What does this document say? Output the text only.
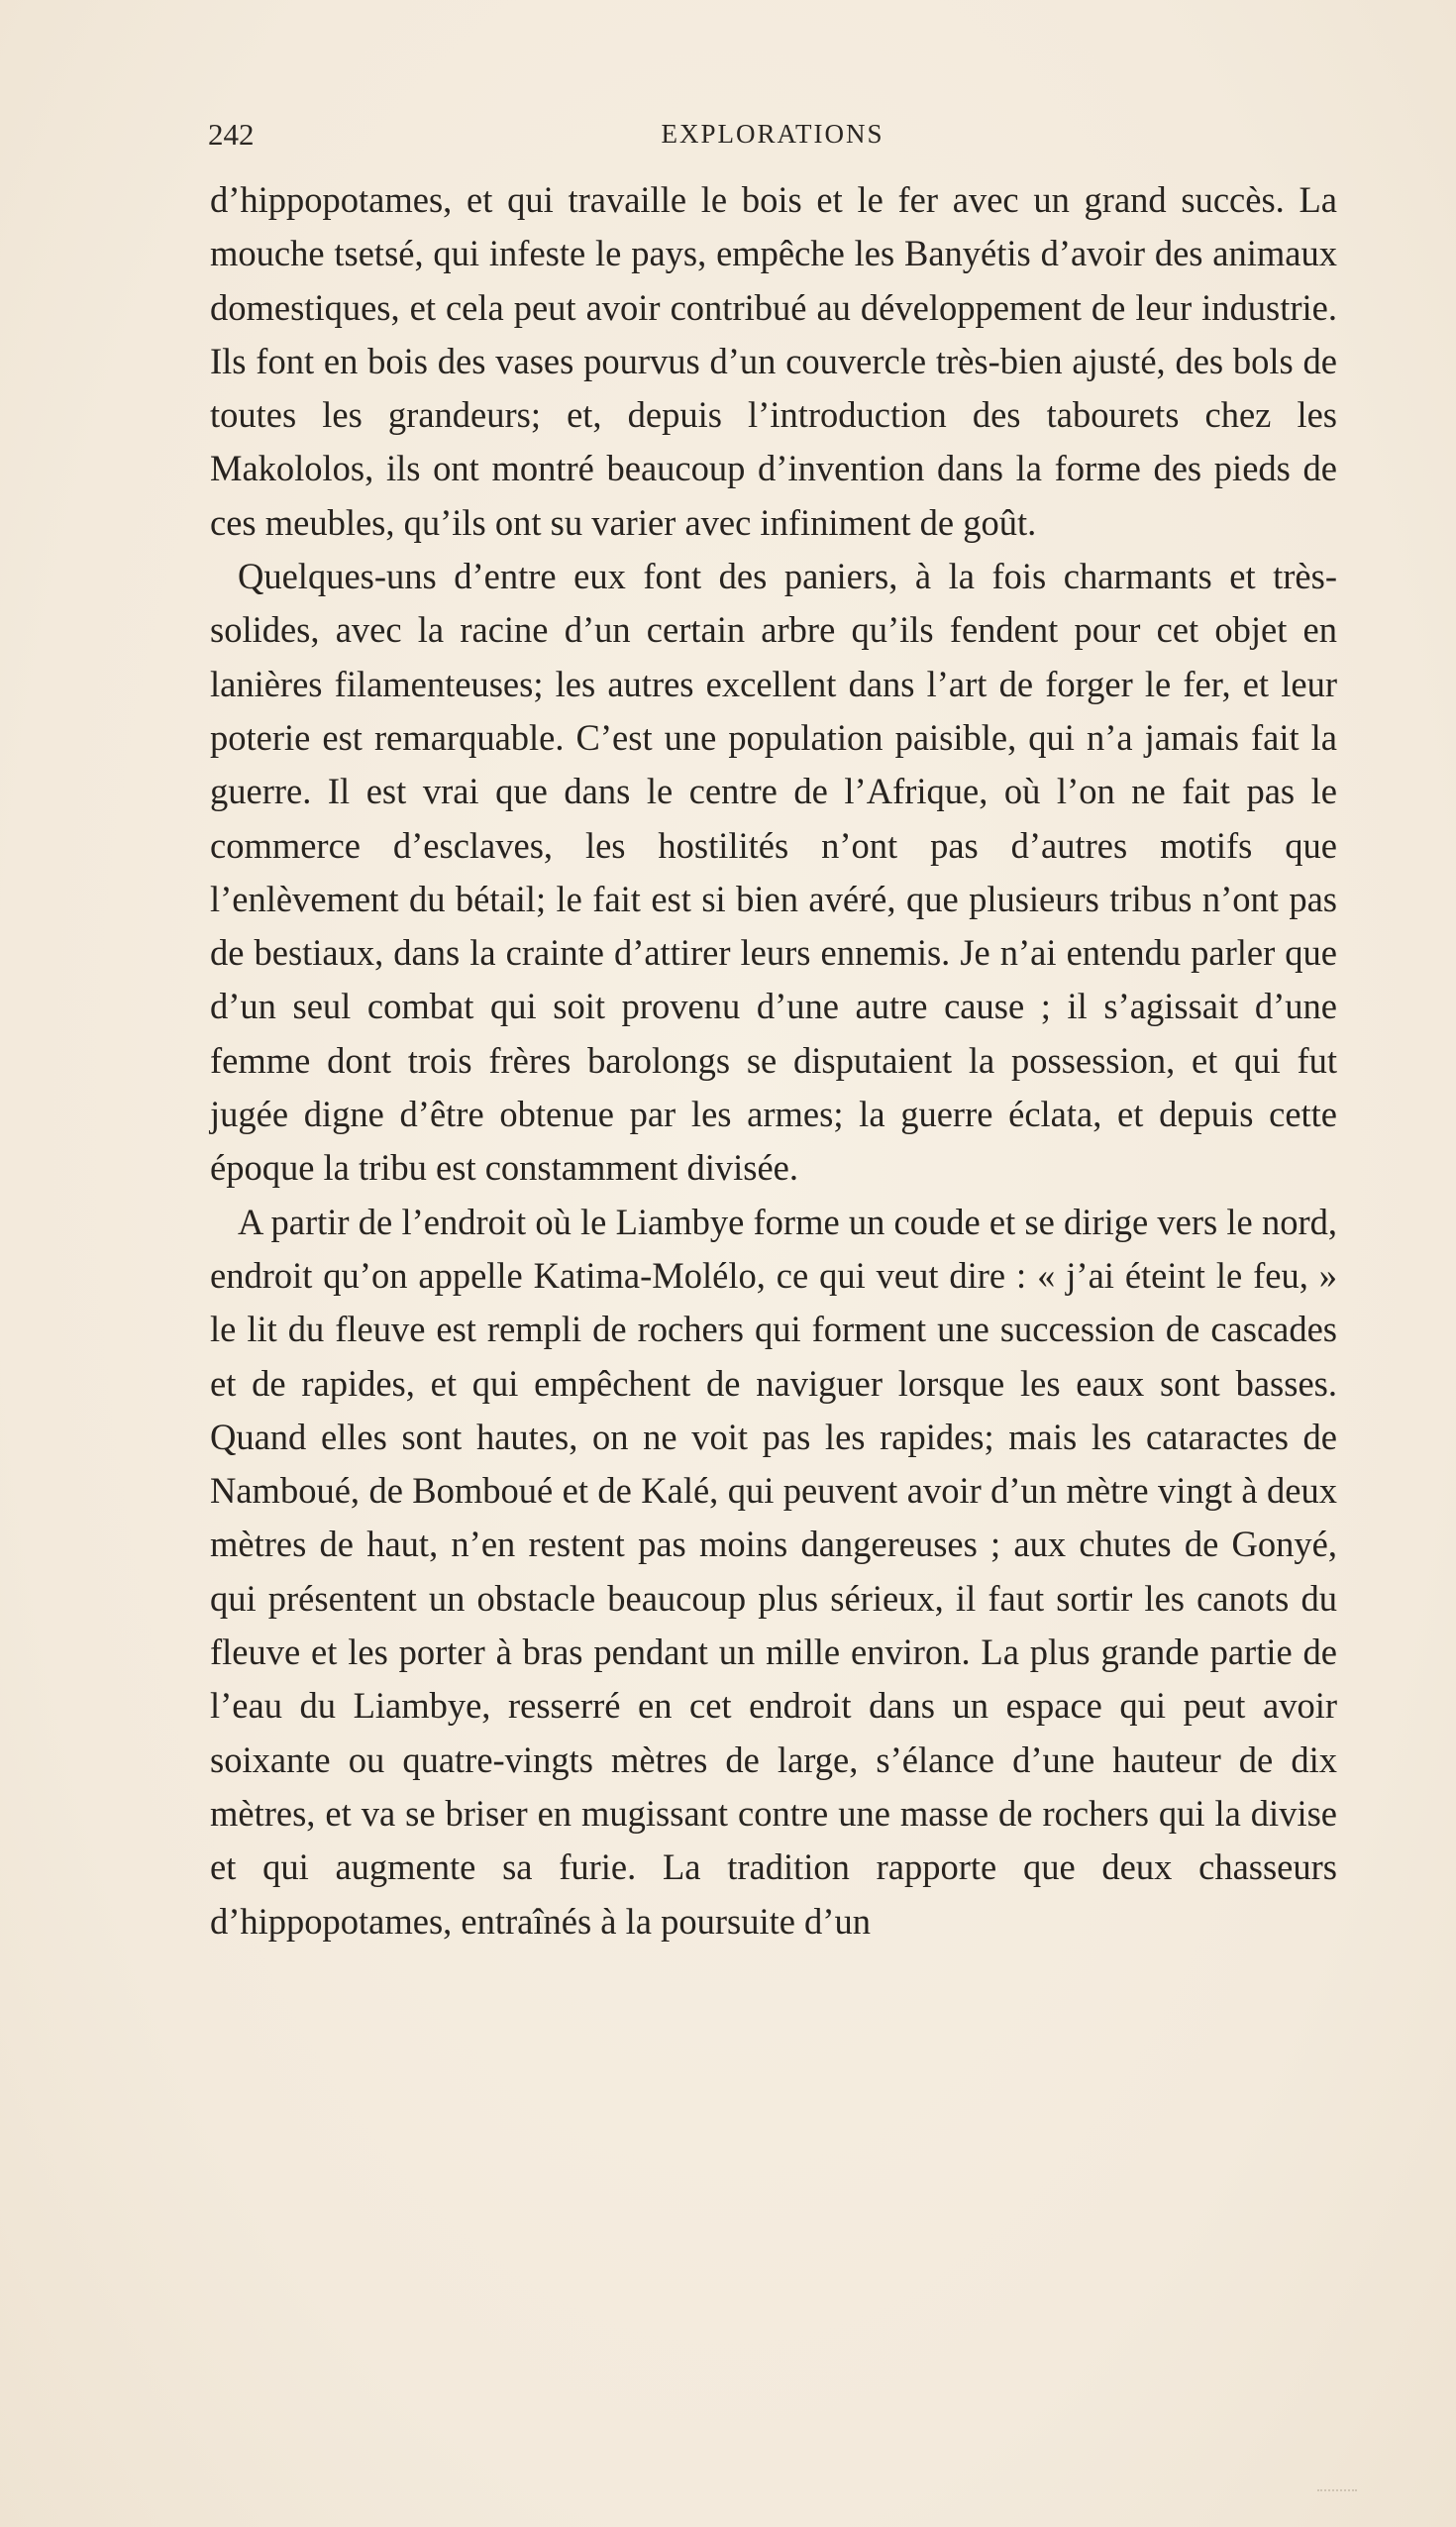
242	EXPLORATIONS

d’hippopotames, et qui travaille le bois et le fer avec un grand succès. La mouche tsetsé, qui infeste le pays, empêche les Banyétis d’avoir des animaux domestiques, et cela peut avoir contribué au développement de leur industrie. Ils font en bois des vases pourvus d’un couvercle très-bien ajusté, des bols de toutes les grandeurs; et, depuis l’introduction des tabourets chez les Makololos, ils ont montré beaucoup d’invention dans la forme des pieds de ces meubles, qu’ils ont su varier avec infiniment de goût.

Quelques-uns d’entre eux font des paniers, à la fois charmants et très-solides, avec la racine d’un certain arbre qu’ils fendent pour cet objet en lanières filamenteuses; les autres excellent dans l’art de forger le fer, et leur poterie est remarquable. C’est une population paisible, qui n’a jamais fait la guerre. Il est vrai que dans le centre de l’Afrique, où l’on ne fait pas le commerce d’esclaves, les hostilités n’ont pas d’autres motifs que l’enlèvement du bétail; le fait est si bien avéré, que plusieurs tribus n’ont pas de bestiaux, dans la crainte d’attirer leurs ennemis. Je n’ai entendu parler que d’un seul combat qui soit provenu d’une autre cause ; il s’agissait d’une femme dont trois frères barolongs se disputaient la possession, et qui fut jugée digne d’être obtenue par les armes; la guerre éclata, et depuis cette époque la tribu est constamment divisée.

A partir de l’endroit où le Liambye forme un coude et se dirige vers le nord, endroit qu’on appelle Katima-Molélo, ce qui veut dire : « j’ai éteint le feu, » le lit du fleuve est rempli de rochers qui forment une succession de cascades et de rapides, et qui empêchent de naviguer lorsque les eaux sont basses. Quand elles sont hautes, on ne voit pas les rapides; mais les cataractes de Namboué, de Bomboué et de Kalé, qui peuvent avoir d’un mètre vingt à deux mètres de haut, n’en restent pas moins dangereuses ; aux chutes de Gonyé, qui présentent un obstacle beaucoup plus sérieux, il faut sortir les canots du fleuve et les porter à bras pendant un mille environ. La plus grande partie de l’eau du Liambye, resserré en cet endroit dans un espace qui peut avoir soixante ou quatre-vingts mètres de large, s’élance d’une hauteur de dix mètres, et va se briser en mugissant contre une masse de rochers qui la divise et qui augmente sa furie. La tradition rapporte que deux chasseurs d’hippopotames, entraînés à la poursuite d’un
